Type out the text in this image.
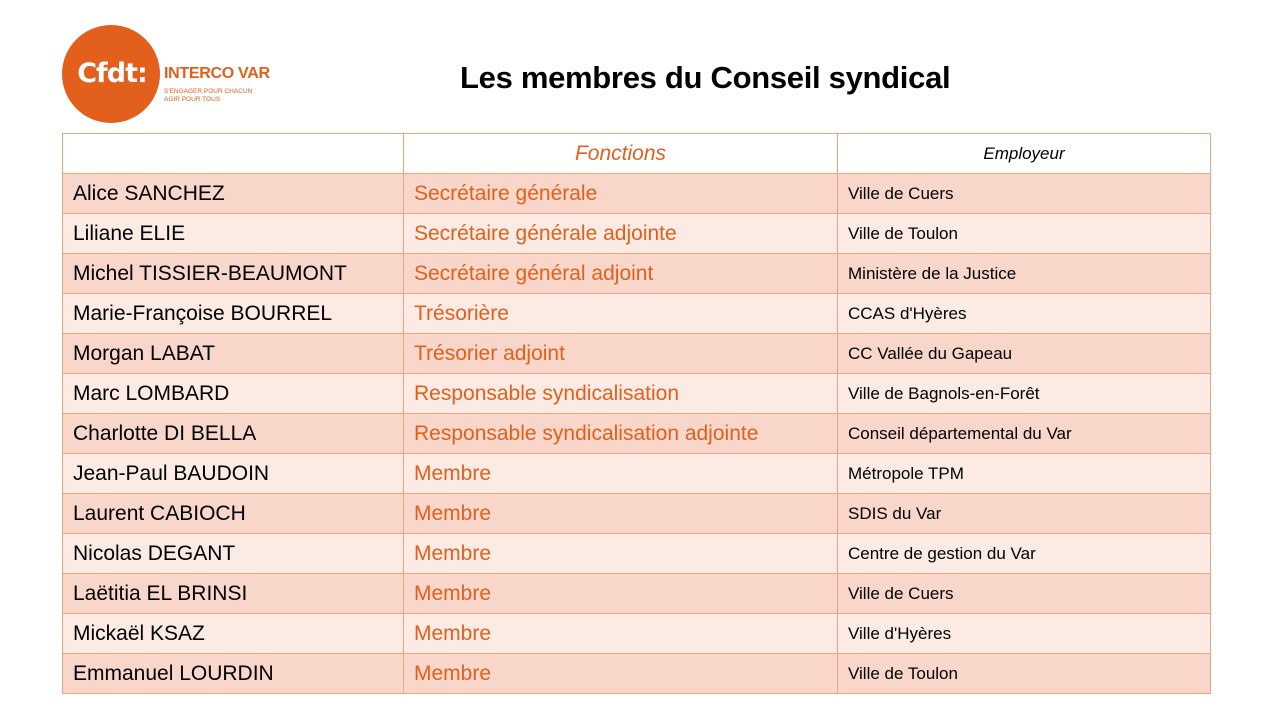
Cfdt: INTERCO VAR
S'ENGAGER POUR CHACUN
AGIR POUR TOUS
Les membres du Conseil syndical
	Fonctions	Employeur
Alice SANCHEZ	Secrétaire générale	Ville de Cuers
Liliane ELIE	Secrétaire générale adjointe	Ville de Toulon
Michel TISSIER-BEAUMONT	Secrétaire général adjoint	Ministère de la Justice
Marie-Françoise BOURREL	Trésorière	CCAS d'Hyères
Morgan LABAT	Trésorier adjoint	CC Vallée du Gapeau
Marc LOMBARD	Responsable syndicalisation	Ville de Bagnols-en-Forêt
Charlotte DI BELLA	Responsable syndicalisation adjointe	Conseil départemental du Var
Jean-Paul BAUDOIN	Membre	Métropole TPM
Laurent CABIOCH	Membre	SDIS du Var
Nicolas DEGANT	Membre	Centre de gestion du Var
Laëtitia EL BRINSI	Membre	Ville de Cuers
Mickaël KSAZ	Membre	Ville d'Hyères
Emmanuel LOURDIN	Membre	Ville de Toulon
